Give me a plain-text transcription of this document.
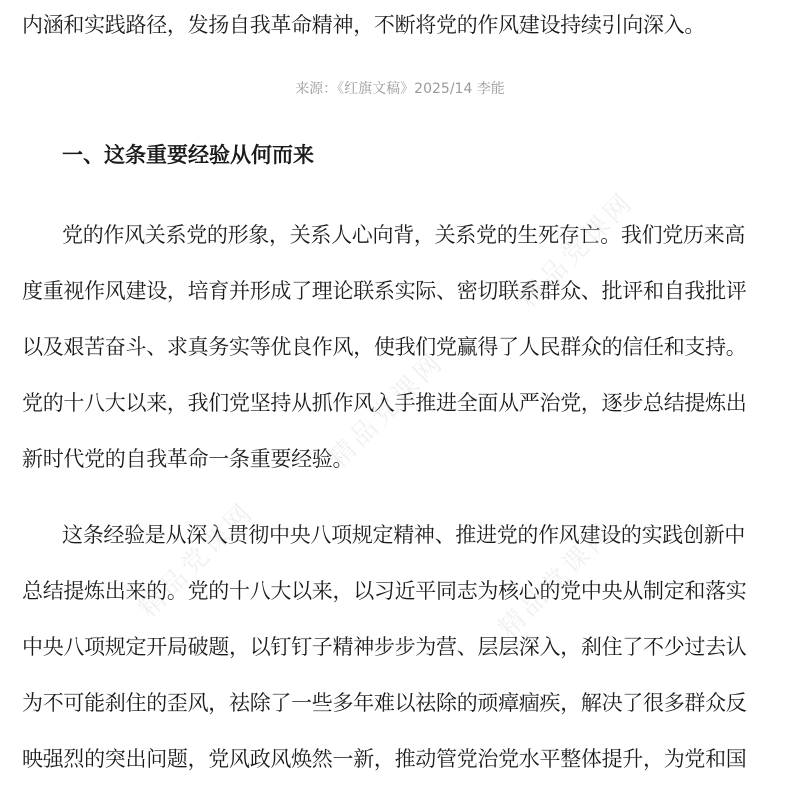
内涵和实践路径，发扬自我革命精神，不断将党的作风建设持续引向深入。
来源：《红旗文稿》2025/14 李能
一、这条重要经验从何而来
党的作风关系党的形象，关系人心向背，关系党的生死存亡。我们党历来高
度重视作风建设，培育并形成了理论联系实际、密切联系群众、批评和自我批评
以及艰苦奋斗、求真务实等优良作风，使我们党赢得了人民群众的信任和支持。
党的十八大以来，我们党坚持从抓作风入手推进全面从严治党，逐步总结提炼出
新时代党的自我革命一条重要经验。
这条经验是从深入贯彻中央八项规定精神、推进党的作风建设的实践创新中
总结提炼出来的。党的十八大以来，以习近平同志为核心的党中央从制定和落实
中央八项规定开局破题，以钉钉子精神步步为营、层层深入，刹住了不少过去认
为不可能刹住的歪风，祛除了一些多年难以祛除的顽瘴痼疾，解决了很多群众反
映强烈的突出问题，党风政风焕然一新，推动管党治党水平整体提升，为党和国
精品党课网
精品党课网
精品党课网	精品党课网
